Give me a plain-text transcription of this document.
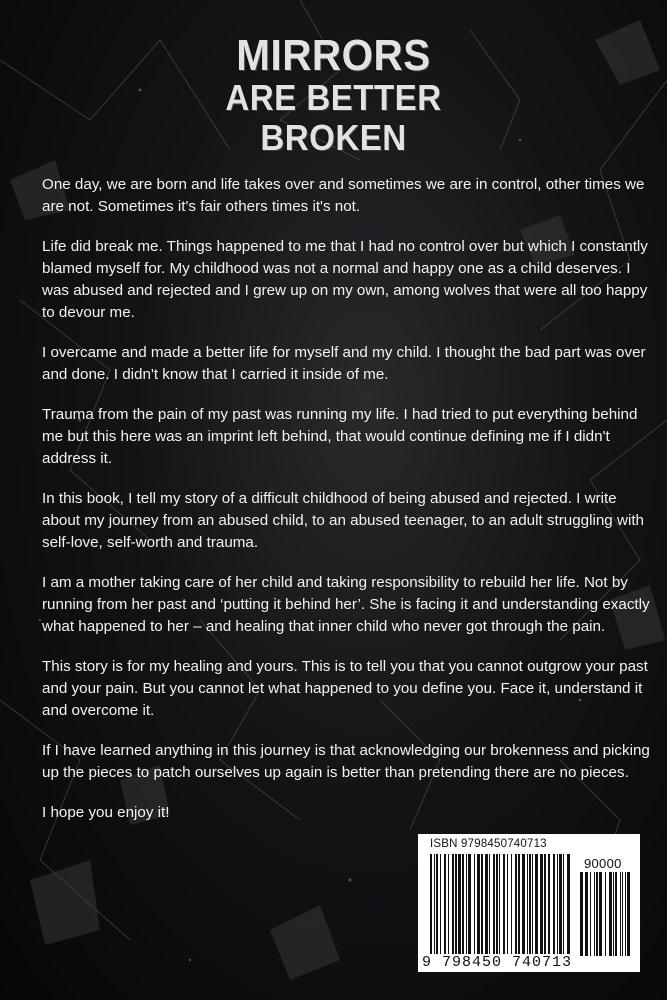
MIRRORS
ARE BETTER
BROKEN

One day, we are born and life takes over and sometimes we are in control, other times we are not. Sometimes it's fair others times it's not.

Life did break me. Things happened to me that I had no control over but which I constantly blamed myself for. My childhood was not a normal and happy one as a child deserves. I was abused and rejected and I grew up on my own, among wolves that were all too happy to devour me.

I overcame and made a better life for myself and my child. I thought the bad part was over and done. I didn't know that I carried it inside of me.

Trauma from the pain of my past was running my life. I had tried to put everything behind me but this here was an imprint left behind, that would continue defining me if I didn't address it.

In this book, I tell my story of a difficult childhood of being abused and rejected. I write about my journey from an abused child, to an abused teenager, to an adult struggling with self-love, self-worth and trauma.

I am a mother taking care of her child and taking responsibility to rebuild her life. Not by running from her past and ‘putting it behind her’. She is facing it and understanding exactly what happened to her – and healing that inner child who never got through the pain.

This story is for my healing and yours. This is to tell you that you cannot outgrow your past and your pain. But you cannot let what happened to you define you. Face it, understand it and overcome it.

If I have learned anything in this journey is that acknowledging our brokenness and picking up the pieces to patch ourselves up again is better than pretending there are no pieces.

I hope you enjoy it!

ISBN 9798450740713
90000
9 798450 740713
